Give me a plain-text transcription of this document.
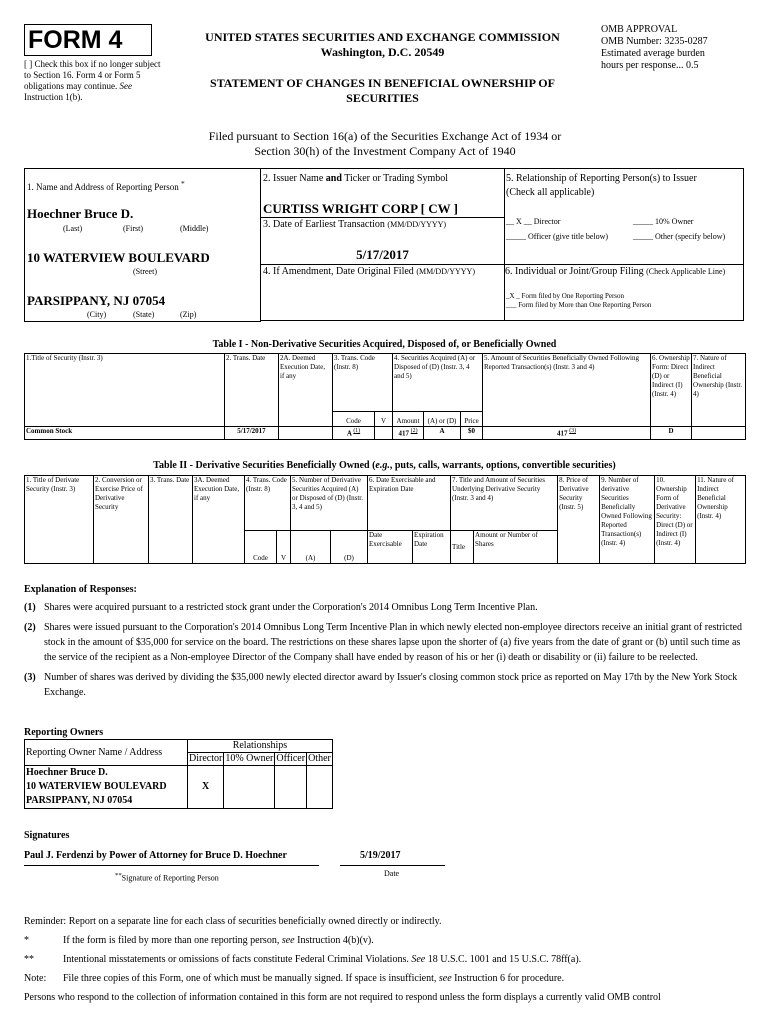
FORM 4
[ ] Check this box if no longer subject to Section 16. Form 4 or Form 5 obligations may continue. See Instruction 1(b).
UNITED STATES SECURITIES AND EXCHANGE COMMISSION
Washington, D.C. 20549
STATEMENT OF CHANGES IN BENEFICIAL OWNERSHIP OF SECURITIES
OMB APPROVAL
OMB Number: 3235-0287
Estimated average burden
hours per response... 0.5
Filed pursuant to Section 16(a) of the Securities Exchange Act of 1934 or
Section 30(h) of the Investment Company Act of 1940
1. Name and Address of Reporting Person *
Hoechner Bruce D.
(Last)	(First)	(Middle)
10 WATERVIEW BOULEVARD
(Street)
PARSIPPANY, NJ 07054
(City)	(State)	(Zip)
2. Issuer Name and Ticker or Trading Symbol
CURTISS WRIGHT CORP [ CW ]
3. Date of Earliest Transaction (MM/DD/YYYY)
5/17/2017
4. If Amendment, Date Original Filed (MM/DD/YYYY)
5. Relationship of Reporting Person(s) to Issuer
(Check all applicable)
__ X __ Director	_____ 10% Owner
_____ Officer (give title below)	_____ Other (specify below)
6. Individual or Joint/Group Filing (Check Applicable Line)
_X _ Form filed by One Reporting Person
___ Form filed by More than One Reporting Person
Table I - Non-Derivative Securities Acquired, Disposed of, or Beneficially Owned
1.Title of Security (Instr. 3)	2. Trans. Date	2A. Deemed Execution Date, if any	3. Trans. Code (Instr. 8)		4. Securities Acquired (A) or Disposed of (D) (Instr. 3, 4 and 5)			5. Amount of Securities Beneficially Owned Following Reported Transaction(s) (Instr. 3 and 4)	6. Ownership Form: Direct (D) or Indirect (I) (Instr. 4)	7. Nature of Indirect Beneficial Ownership (Instr. 4)
			Code	V	Amount	(A) or (D)	Price			
Common Stock	5/17/2017		A $^{(1)}$		417 $^{(2)}$	A	$0	417 $^{(3)}$	D	
Table II - Derivative Securities Beneficially Owned (e.g., puts, calls, warrants, options, convertible securities)
1. Title of Derivate Security (Instr. 3)	2. Conversion or Exercise Price of Derivative Security	3. Trans. Date	3A. Deemed Execution Date, if any	4. Trans. Code (Instr. 8)		5. Number of Derivative Securities Acquired (A) or Disposed of (D) (Instr. 3, 4 and 5)		6. Date Exercisable and Expiration Date		7. Title and Amount of Securities Underlying Derivative Security (Instr. 3 and 4)		8. Price of Derivative Security (Instr. 5)	9. Number of derivative Securities Beneficially Owned Following Reported Transaction(s) (Instr. 4)	10. Ownership Form of Derivative Security: Direct (D) or Indirect (I) (Instr. 4)	11. Nature of Indirect Beneficial Ownership (Instr. 4)
				Code	V	(A)	(D)	Date Exercisable	Expiration Date	Title	Amount or Number of Shares				
Explanation of Responses:
(1) Shares were acquired pursuant to a restricted stock grant under the Corporation's 2014 Omnibus Long Term Incentive Plan.
(2) Shares were issued pursuant to the Corporation's 2014 Omnibus Long Term Incentive Plan in which newly elected non-employee directors receive an initial grant of restricted stock in the amount of $35,000 for service on the board. The restrictions on these shares lapse upon the shorter of (a) five years from the date of grant or (b) until such time as the service of the recipient as a Non-employee Director of the Company shall have ended by reason of his or her (i) death or disability or (ii) failure to be reelected.
(3) Number of shares was derived by dividing the $35,000 newly elected director award by Issuer's closing common stock price as reported on May 17th by the New York Stock Exchange.
Reporting Owners
Reporting Owner Name / Address	Relationships			
	Director	10% Owner	Officer	Other

Hoechner Bruce D.
10 WATERVIEW BOULEVARD
PARSIPPANY, NJ 07054	X			
Signatures
Paul J. Ferdenzi by Power of Attorney for Bruce D. Hoechner	5/19/2017
**Signature of Reporting Person
Date
Reminder: Report on a separate line for each class of securities beneficially owned directly or indirectly.
*	If the form is filed by more than one reporting person, see Instruction 4(b)(v).
**	Intentional misstatements or omissions of facts constitute Federal Criminal Violations. See 18 U.S.C. 1001 and 15 U.S.C. 78ff(a).
Note:	File three copies of this Form, one of which must be manually signed. If space is insufficient, see Instruction 6 for procedure.
Persons who respond to the collection of information contained in this form are not required to respond unless the form displays a currently valid OMB control
